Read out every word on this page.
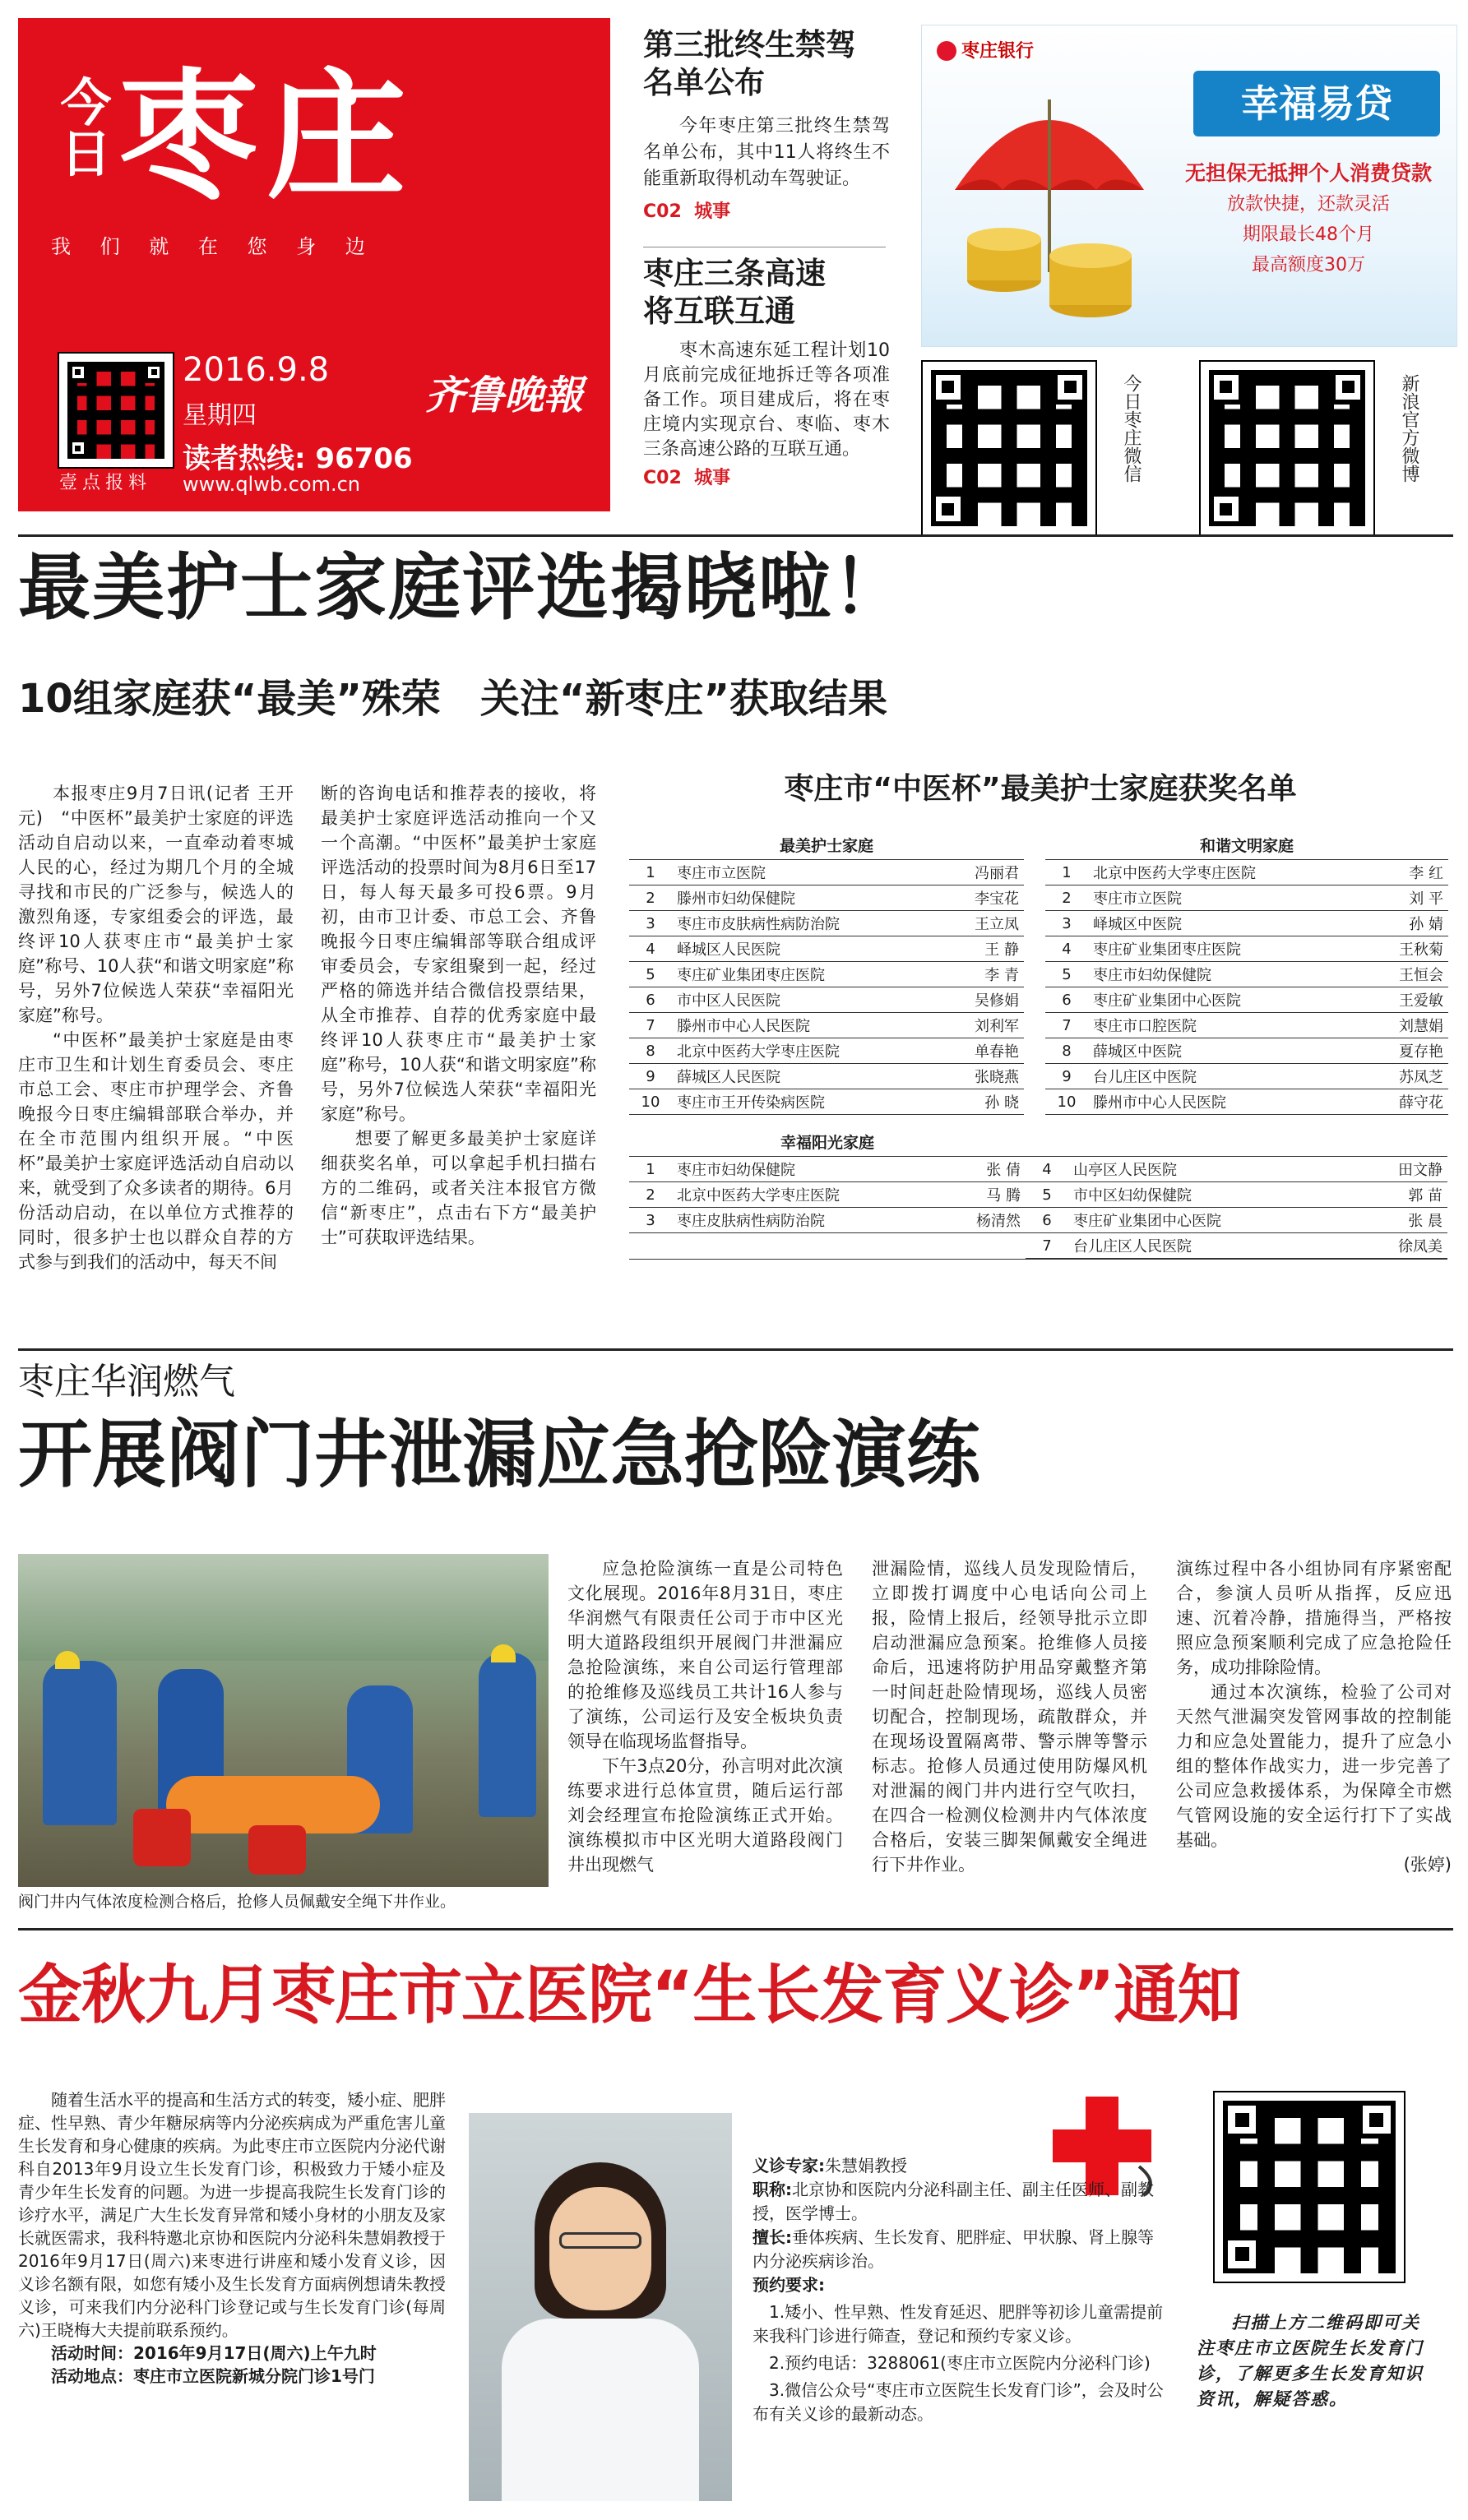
今日 枣庄
我 们 就 在 您 身 边
壹点报料
2016.9.8
星期四	齐鲁晚報
读者热线: 96706
www.qlwb.com.cn
第三批终生禁驾
名单公布
今年枣庄第三批终生禁驾名单公布，其中11人将终生不能重新取得机动车驾驶证。
C02 城事
枣庄三条高速
将互联互通
枣木高速东延工程计划10月底前完成征地拆迁等各项准备工作。项目建成后，将在枣庄境内实现京台、枣临、枣木三条高速公路的互联互通。
C02 城事
枣庄银行
幸福易贷
无担保无抵押个人消费贷款
放款快捷，还款灵活
期限最长48个月
最高额度30万
今日枣庄微信	新浪官方微博
最美护士家庭评选揭晓啦！
10组家庭获“最美”殊荣　关注“新枣庄”获取结果

本报枣庄9月7日讯(记者 王开元)　“中医杯”最美护士家庭的评选活动自启动以来，一直牵动着枣城人民的心，经过为期几个月的全城寻找和市民的广泛参与，候选人的激烈角逐，专家组委会的评选，最终评10人获枣庄市“最美护士家庭”称号、10人获“和谐文明家庭”称号，另外7位候选人荣获“幸福阳光家庭”称号。

“中医杯”最美护士家庭是由枣庄市卫生和计划生育委员会、枣庄市总工会、枣庄市护理学会、齐鲁晚报今日枣庄编辑部联合举办，并在全市范围内组织开展。“中医杯”最美护士家庭评选活动自启动以来，就受到了众多读者的期待。6月份活动启动，在以单位方式推荐的同时，很多护士也以群众自荐的方式参与到我们的活动中，每天不间

断的咨询电话和推荐表的接收，将最美护士家庭评选活动推向一个又一个高潮。“中医杯”最美护士家庭评选活动的投票时间为8月6日至17日，每人每天最多可投6票。9月初，由市卫计委、市总工会、齐鲁晚报今日枣庄编辑部等联合组成评审委员会，专家组聚到一起，经过严格的筛选并结合微信投票结果，从全市推荐、自荐的优秀家庭中最终评10人获枣庄市“最美护士家庭”称号，10人获“和谐文明家庭”称号，另外7位候选人荣获“幸福阳光家庭”称号。

想要了解更多最美护士家庭详细获奖名单，可以拿起手机扫描右方的二维码，或者关注本报官方微信“新枣庄”，点击右下方“最美护士”可获取评选结果。

枣庄市“中医杯”最美护士家庭获奖名单
最美护士家庭		
1	枣庄市立医院	冯丽君
2	滕州市妇幼保健院	李宝花
3	枣庄市皮肤病性病防治院	王立凤
4	峄城区人民医院	王 静
5	枣庄矿业集团枣庄医院	李 青
6	市中区人民医院	吴修娟
7	滕州市中心人民医院	刘利军
8	北京中医药大学枣庄医院	单春艳
9	薛城区人民医院	张晓燕
10	枣庄市王开传染病医院	孙 晓
和谐文明家庭		
1	北京中医药大学枣庄医院	李 红
2	枣庄市立医院	刘 平
3	峄城区中医院	孙 婧
4	枣庄矿业集团枣庄医院	王秋菊
5	枣庄市妇幼保健院	王恒会
6	枣庄矿业集团中心医院	王爱敏
7	枣庄市口腔医院	刘慧娟
8	薛城区中医院	夏存艳
9	台儿庄区中医院	苏凤芝
10	滕州市中心人民医院	薛守花
幸福阳光家庭	

1	枣庄市妇幼保健院	张 倩
2	北京中医药大学枣庄医院	马 腾
3	枣庄皮肤病性病防治院	杨清然

4	山亭区人民医院	田文静
5	市中区妇幼保健院	郭 苗
6	枣庄矿业集团中心医院	张 晨
7	台儿庄区人民医院	徐凤美
枣庄华润燃气
开展阀门井泄漏应急抢险演练
阀门井内气体浓度检测合格后，抢修人员佩戴安全绳下井作业。

应急抢险演练一直是公司特色文化展现。2016年8月31日，枣庄华润燃气有限责任公司于市中区光明大道路段组织开展阀门井泄漏应急抢险演练，来自公司运行管理部的抢维修及巡线员工共计16人参与了演练，公司运行及安全板块负责领导在临现场监督指导。

下午3点20分，孙言明对此次演练要求进行总体宣贯，随后运行部刘会经理宣布抢险演练正式开始。演练模拟市中区光明大道路段阀门井出现燃气

泄漏险情，巡线人员发现险情后，立即拨打调度中心电话向公司上报，险情上报后，经领导批示立即启动泄漏应急预案。抢维修人员接命后，迅速将防护用品穿戴整齐第一时间赶赴险情现场，巡线人员密切配合，控制现场，疏散群众，并在现场设置隔离带、警示牌等警示标志。抢修人员通过使用防爆风机对泄漏的阀门井内进行空气吹扫，在四合一检测仪检测井内气体浓度合格后，安装三脚架佩戴安全绳进行下井作业。

演练过程中各小组协同有序紧密配合，参演人员听从指挥，反应迅速、沉着冷静，措施得当，严格按照应急预案顺利完成了应急抢险任务，成功排除险情。

通过本次演练，检验了公司对天然气泄漏突发管网事故的控制能力和应急处置能力，提升了应急小组的整体作战实力，进一步完善了公司应急救援体系，为保障全市燃气管网设施的安全运行打下了实战基础。

(张婷)

金秋九月枣庄市立医院“生长发育义诊”通知

随着生活水平的提高和生活方式的转变，矮小症、肥胖症、性早熟、青少年糖尿病等内分泌疾病成为严重危害儿童生长发育和身心健康的疾病。为此枣庄市立医院内分泌代谢科自2013年9月设立生长发育门诊，积极致力于矮小症及青少年生长发育的问题。为进一步提高我院生长发育门诊的诊疗水平，满足广大生长发育异常和矮小身材的小朋友及家长就医需求，我科特邀北京协和医院内分泌科朱慧娟教授于2016年9月17日(周六)来枣进行讲座和矮小发育义诊，因义诊名额有限，如您有矮小及生长发育方面病例想请朱教授义诊，可来我们内分泌科门诊登记或与生长发育门诊(每周六)王晓梅大夫提前联系预约。

活动时间：2016年9月17日(周六)上午九时
活动地点：枣庄市立医院新城分院门诊1号门
义诊专家:朱慧娟教授
职称:北京协和医院内分泌科副主任、副主任医师、副教授，医学博士。
擅长:垂体疾病、生长发育、肥胖症、甲状腺、肾上腺等内分泌疾病诊治。
预约要求:
1.矮小、性早熟、性发育延迟、肥胖等初诊儿童需提前来我科门诊进行筛查，登记和预约专家义诊。
2.预约电话：3288061(枣庄市立医院内分泌科门诊)
3.微信公众号“枣庄市立医院生长发育门诊”，会及时公布有关义诊的最新动态。
扫描上方二维码即可关注枣庄市立医院生长发育门诊，了解更多生长发育知识资讯，解疑答惑。
